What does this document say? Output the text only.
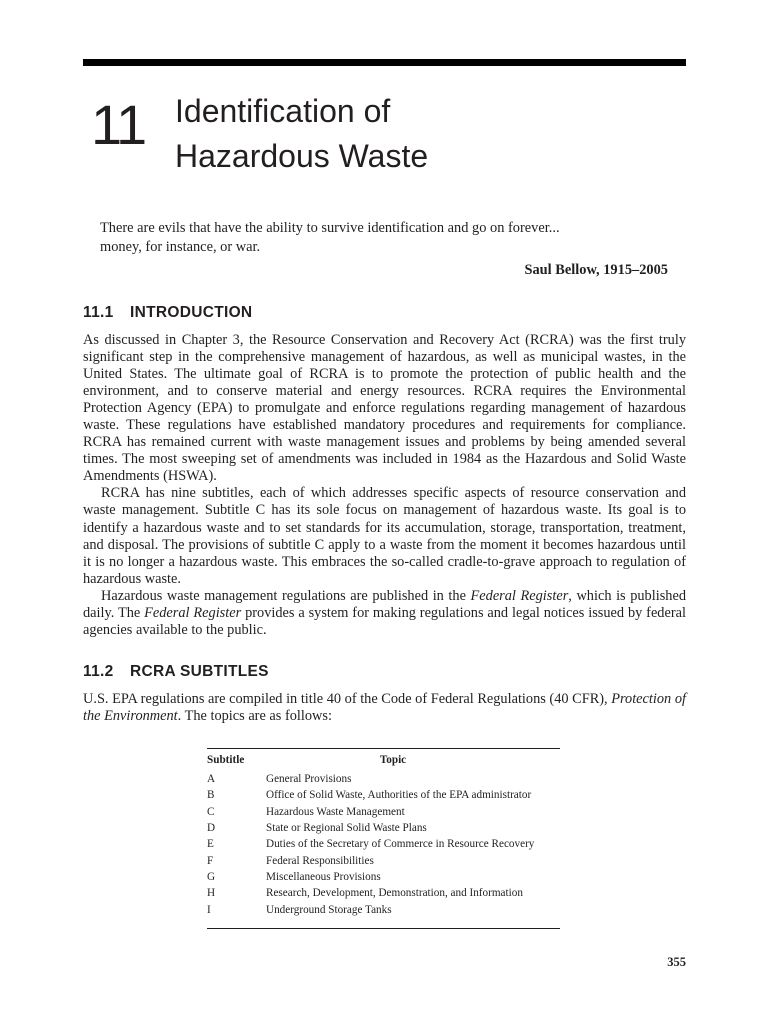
11 Identification of
Hazardous Waste
There are evils that have the ability to survive identification and go on forever...
money, for instance, or war.
Saul Bellow, 1915–2005
11.1 INTRODUCTION

As discussed in Chapter 3, the Resource Conservation and Recovery Act (RCRA) was the first truly significant step in the comprehensive management of hazardous, as well as municipal wastes, in the United States. The ultimate goal of RCRA is to promote the protection of public health and the environment, and to conserve material and energy resources. RCRA requires the Environmental Protection Agency (EPA) to promulgate and enforce regulations regarding management of hazardous waste. These regulations have established mandatory procedures and requirements for compliance. RCRA has remained current with waste management issues and problems by being amended several times. The most sweeping set of amendments was included in 1984 as the Hazardous and Solid Waste Amendments (HSWA).

RCRA has nine subtitles, each of which addresses specific aspects of resource conservation and waste management. Subtitle C has its sole focus on management of hazardous waste. Its goal is to identify a hazardous waste and to set standards for its accumulation, storage, transportation, treatment, and disposal. The provisions of subtitle C apply to a waste from the moment it becomes hazardous until it is no longer a hazardous waste. This embraces the so-called cradle-to-grave approach to regulation of hazardous waste.

Hazardous waste management regulations are published in the Federal Register, which is published daily. The Federal Register provides a system for making regulations and legal notices issued by federal agencies available to the public.

11.2 RCRA SUBTITLES

U.S. EPA regulations are compiled in title 40 of the Code of Federal Regulations (40 CFR), Protection of the Environment. The topics are as follows:

Subtitle	Topic
A	General Provisions
B	Office of Solid Waste, Authorities of the EPA administrator
C	Hazardous Waste Management
D	State or Regional Solid Waste Plans
E	Duties of the Secretary of Commerce in Resource Recovery
F	Federal Responsibilities
G	Miscellaneous Provisions
H	Research, Development, Demonstration, and Information
I	Underground Storage Tanks
355
